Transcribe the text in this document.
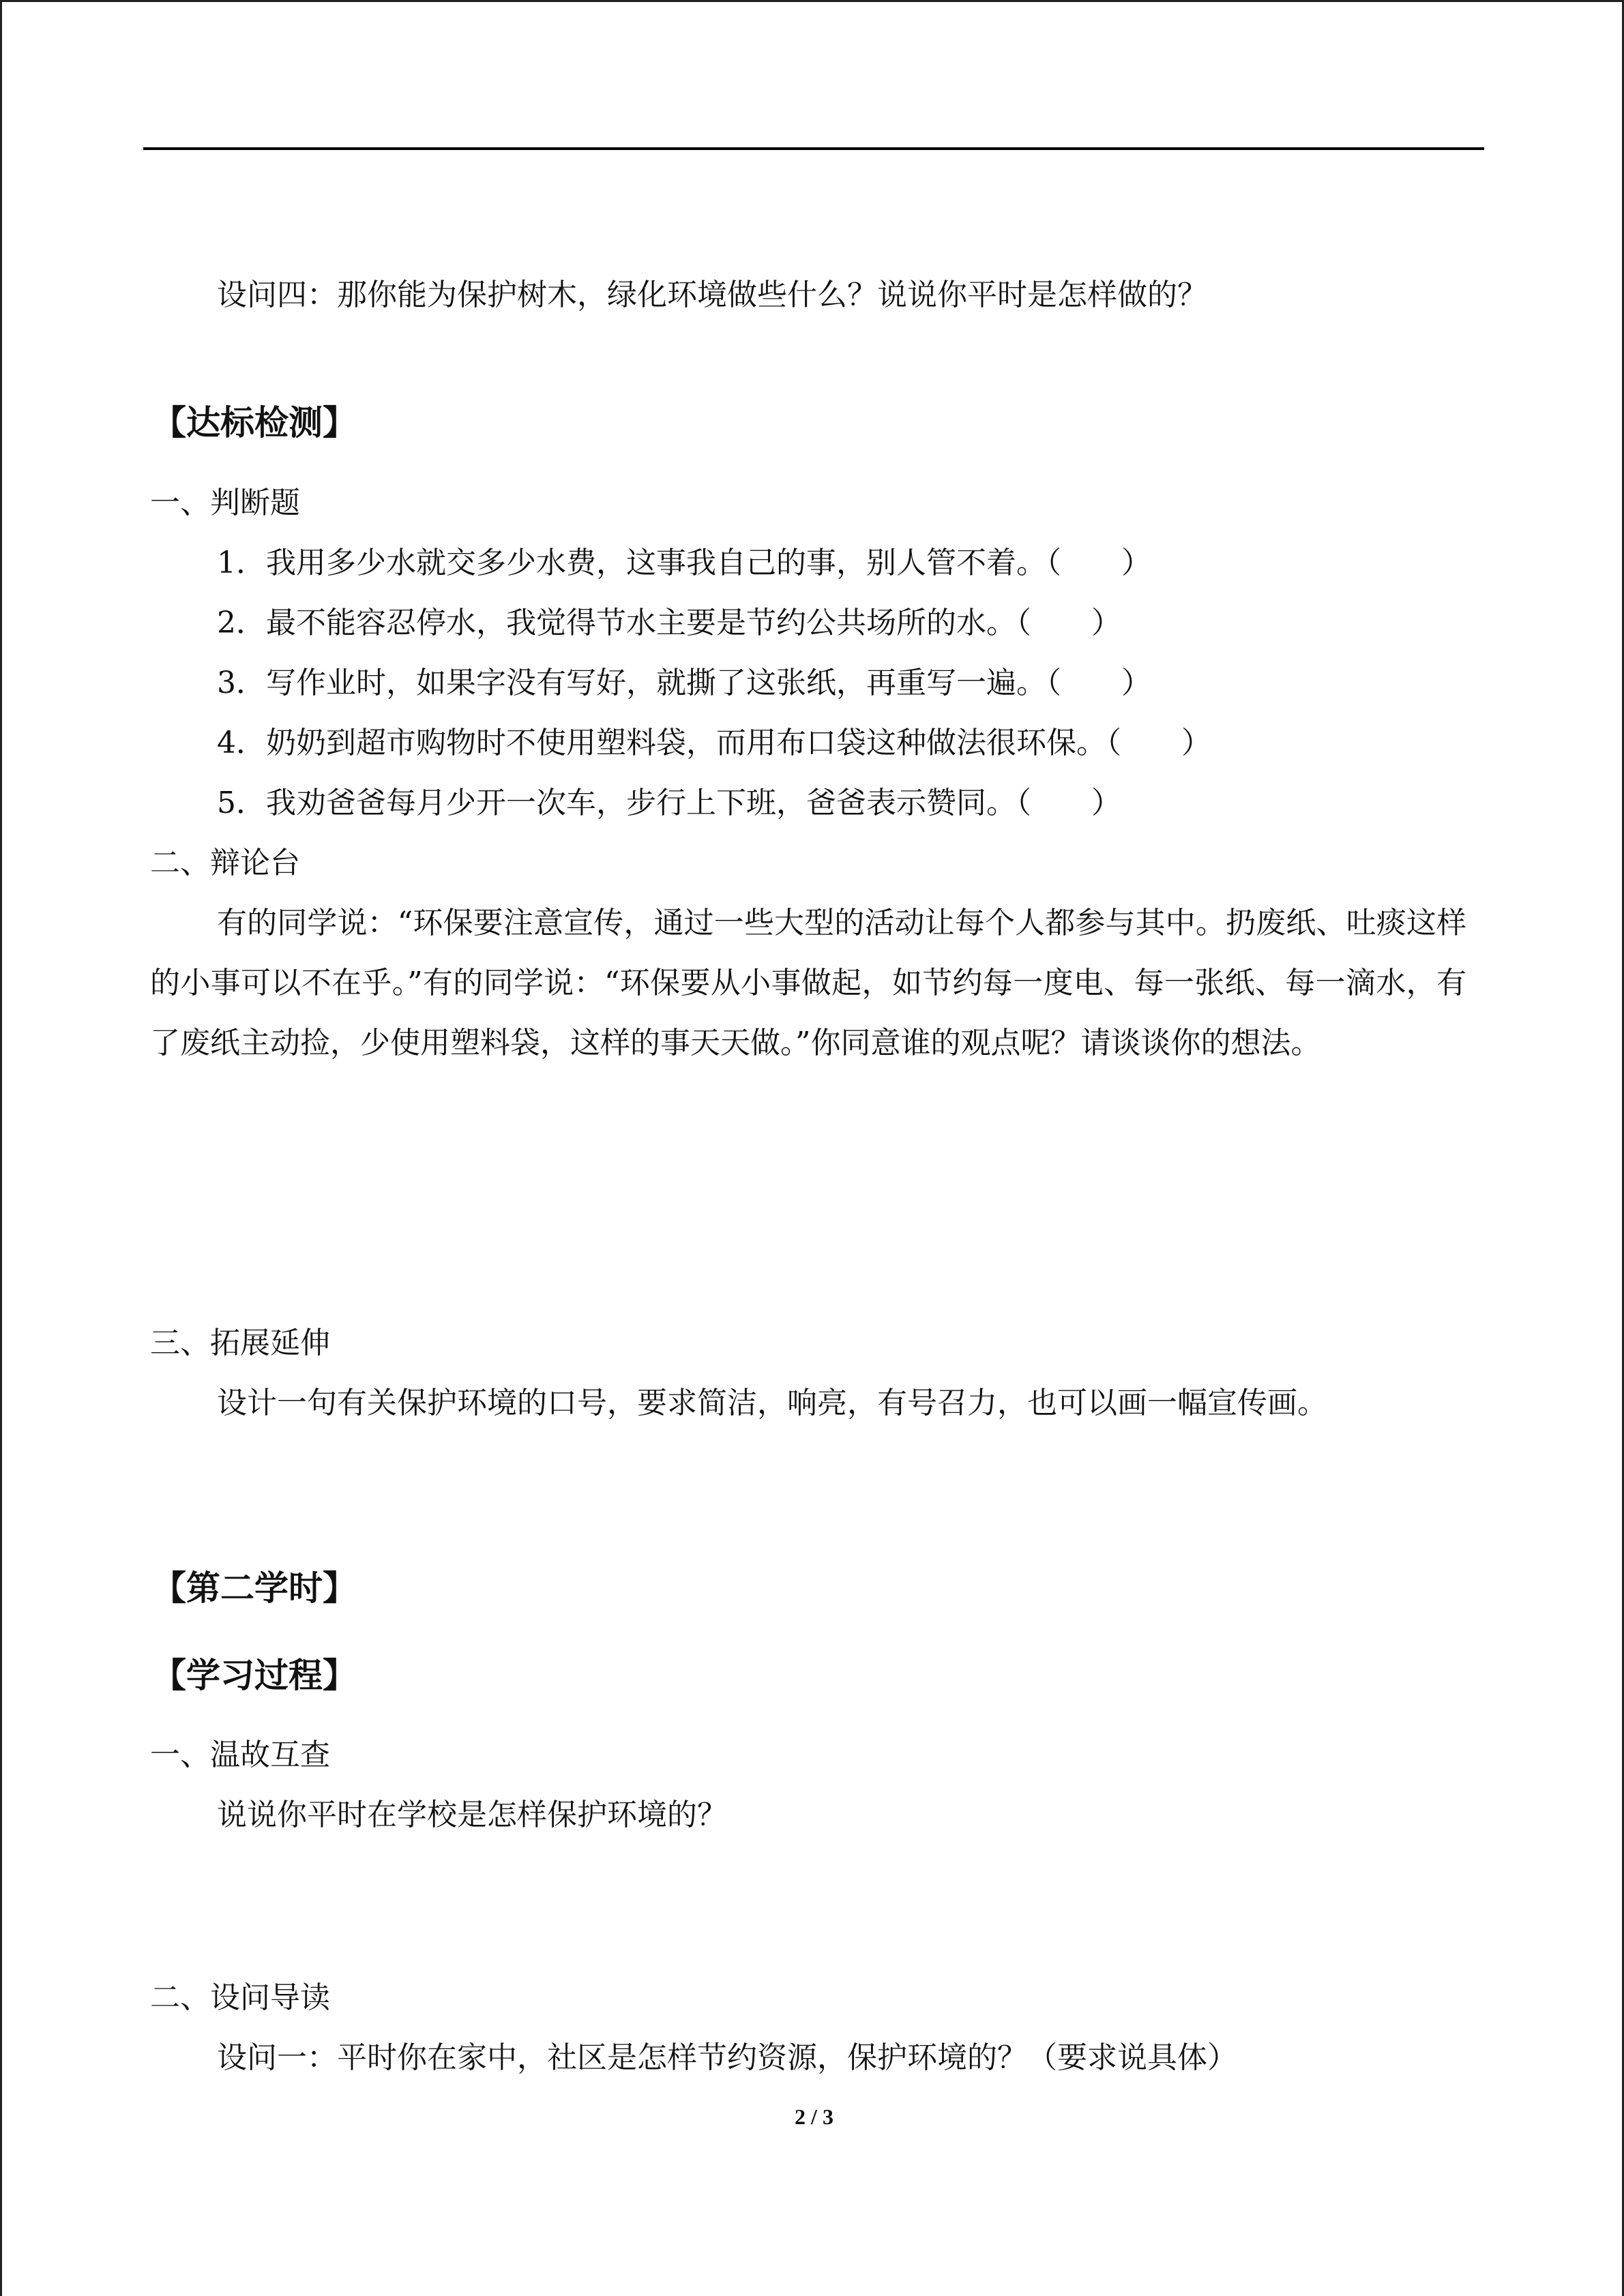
设问四：那你能为保护树木，绿化环境做些什么？说说你平时是怎样做的？
【达标检测】
一、判断题
1．我用多少水就交多少水费，这事我自己的事，别人管不着。（　　）
2．最不能容忍停水，我觉得节水主要是节约公共场所的水。（　　）
3．写作业时，如果字没有写好，就撕了这张纸，再重写一遍。（　　）
4．奶奶到超市购物时不使用塑料袋，而用布口袋这种做法很环保。（　　）
5．我劝爸爸每月少开一次车，步行上下班，爸爸表示赞同。（　　）
二、辩论台
有的同学说：“环保要注意宣传，通过一些大型的活动让每个人都参与其中。扔废纸、吐痰这样的小事可以不在乎。”有的同学说：“环保要从小事做起，如节约每一度电、每一张纸、每一滴水，有了废纸主动捡，少使用塑料袋，这样的事天天做。”你同意谁的观点呢？请谈谈你的想法。
三、拓展延伸
设计一句有关保护环境的口号，要求简洁，响亮，有号召力，也可以画一幅宣传画。
【第二学时】
【学习过程】
一、温故互查
说说你平时在学校是怎样保护环境的？
二、设问导读
设问一：平时你在家中，社区是怎样节约资源，保护环境的？（要求说具体）
2 / 3
